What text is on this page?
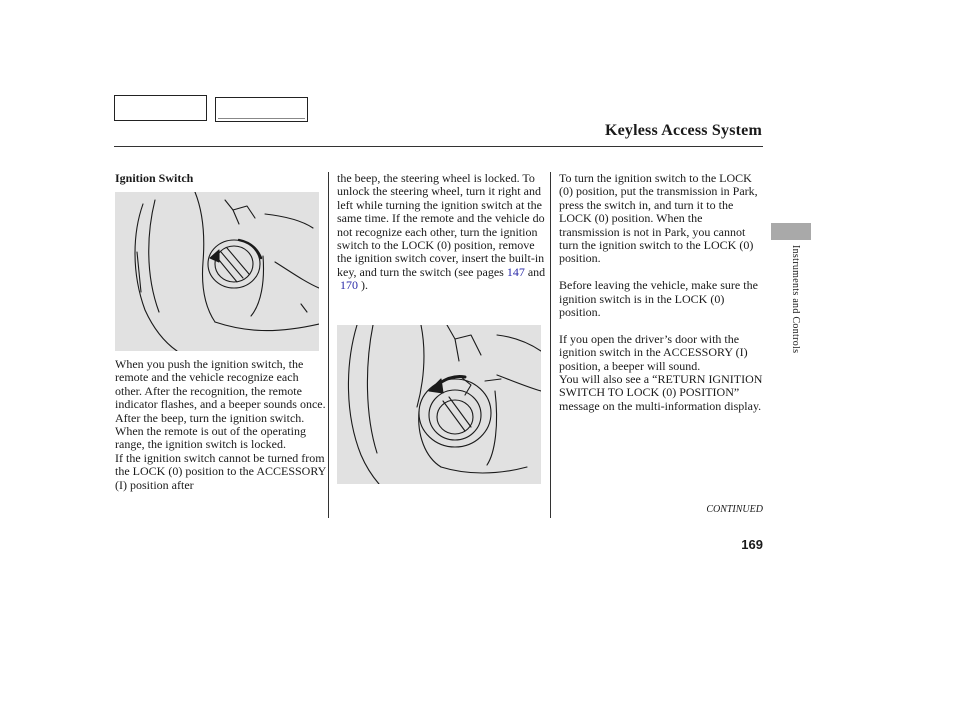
Keyless Access System
Ignition Switch

When you push the ignition switch, the remote and the vehicle recognize each other. After the recognition, the remote indicator flashes, and a beeper sounds once. After the beep, turn the ignition switch.

When the remote is out of the operating range, the ignition switch is locked.

If the ignition switch cannot be turned from the LOCK (0) position to the ACCESSORY (I) position after

the beep, the steering wheel is locked. To unlock the steering wheel, turn it right and left while turning the ignition switch at the same time. If the remote and the vehicle do not recognize each other, turn the ignition switch to the LOCK (0) position, remove the ignition switch cover, insert the built-in key, and turn the switch (see pages 147 and
170 ).

To turn the ignition switch to the LOCK (0) position, put the transmission in Park, press the switch in, and turn it to the LOCK (0) position. When the transmission is not in Park, you cannot turn the ignition switch to the LOCK (0) position.

Before leaving the vehicle, make sure the ignition switch is in the LOCK (0) position.

If you open the driver’s door with the ignition switch in the ACCESSORY (I) position, a beeper will sound.

You will also see a “RETURN IGNITION SWITCH TO LOCK (0) POSITION” message on the multi-information display.

Instruments and Controls
CONTINUED
169
